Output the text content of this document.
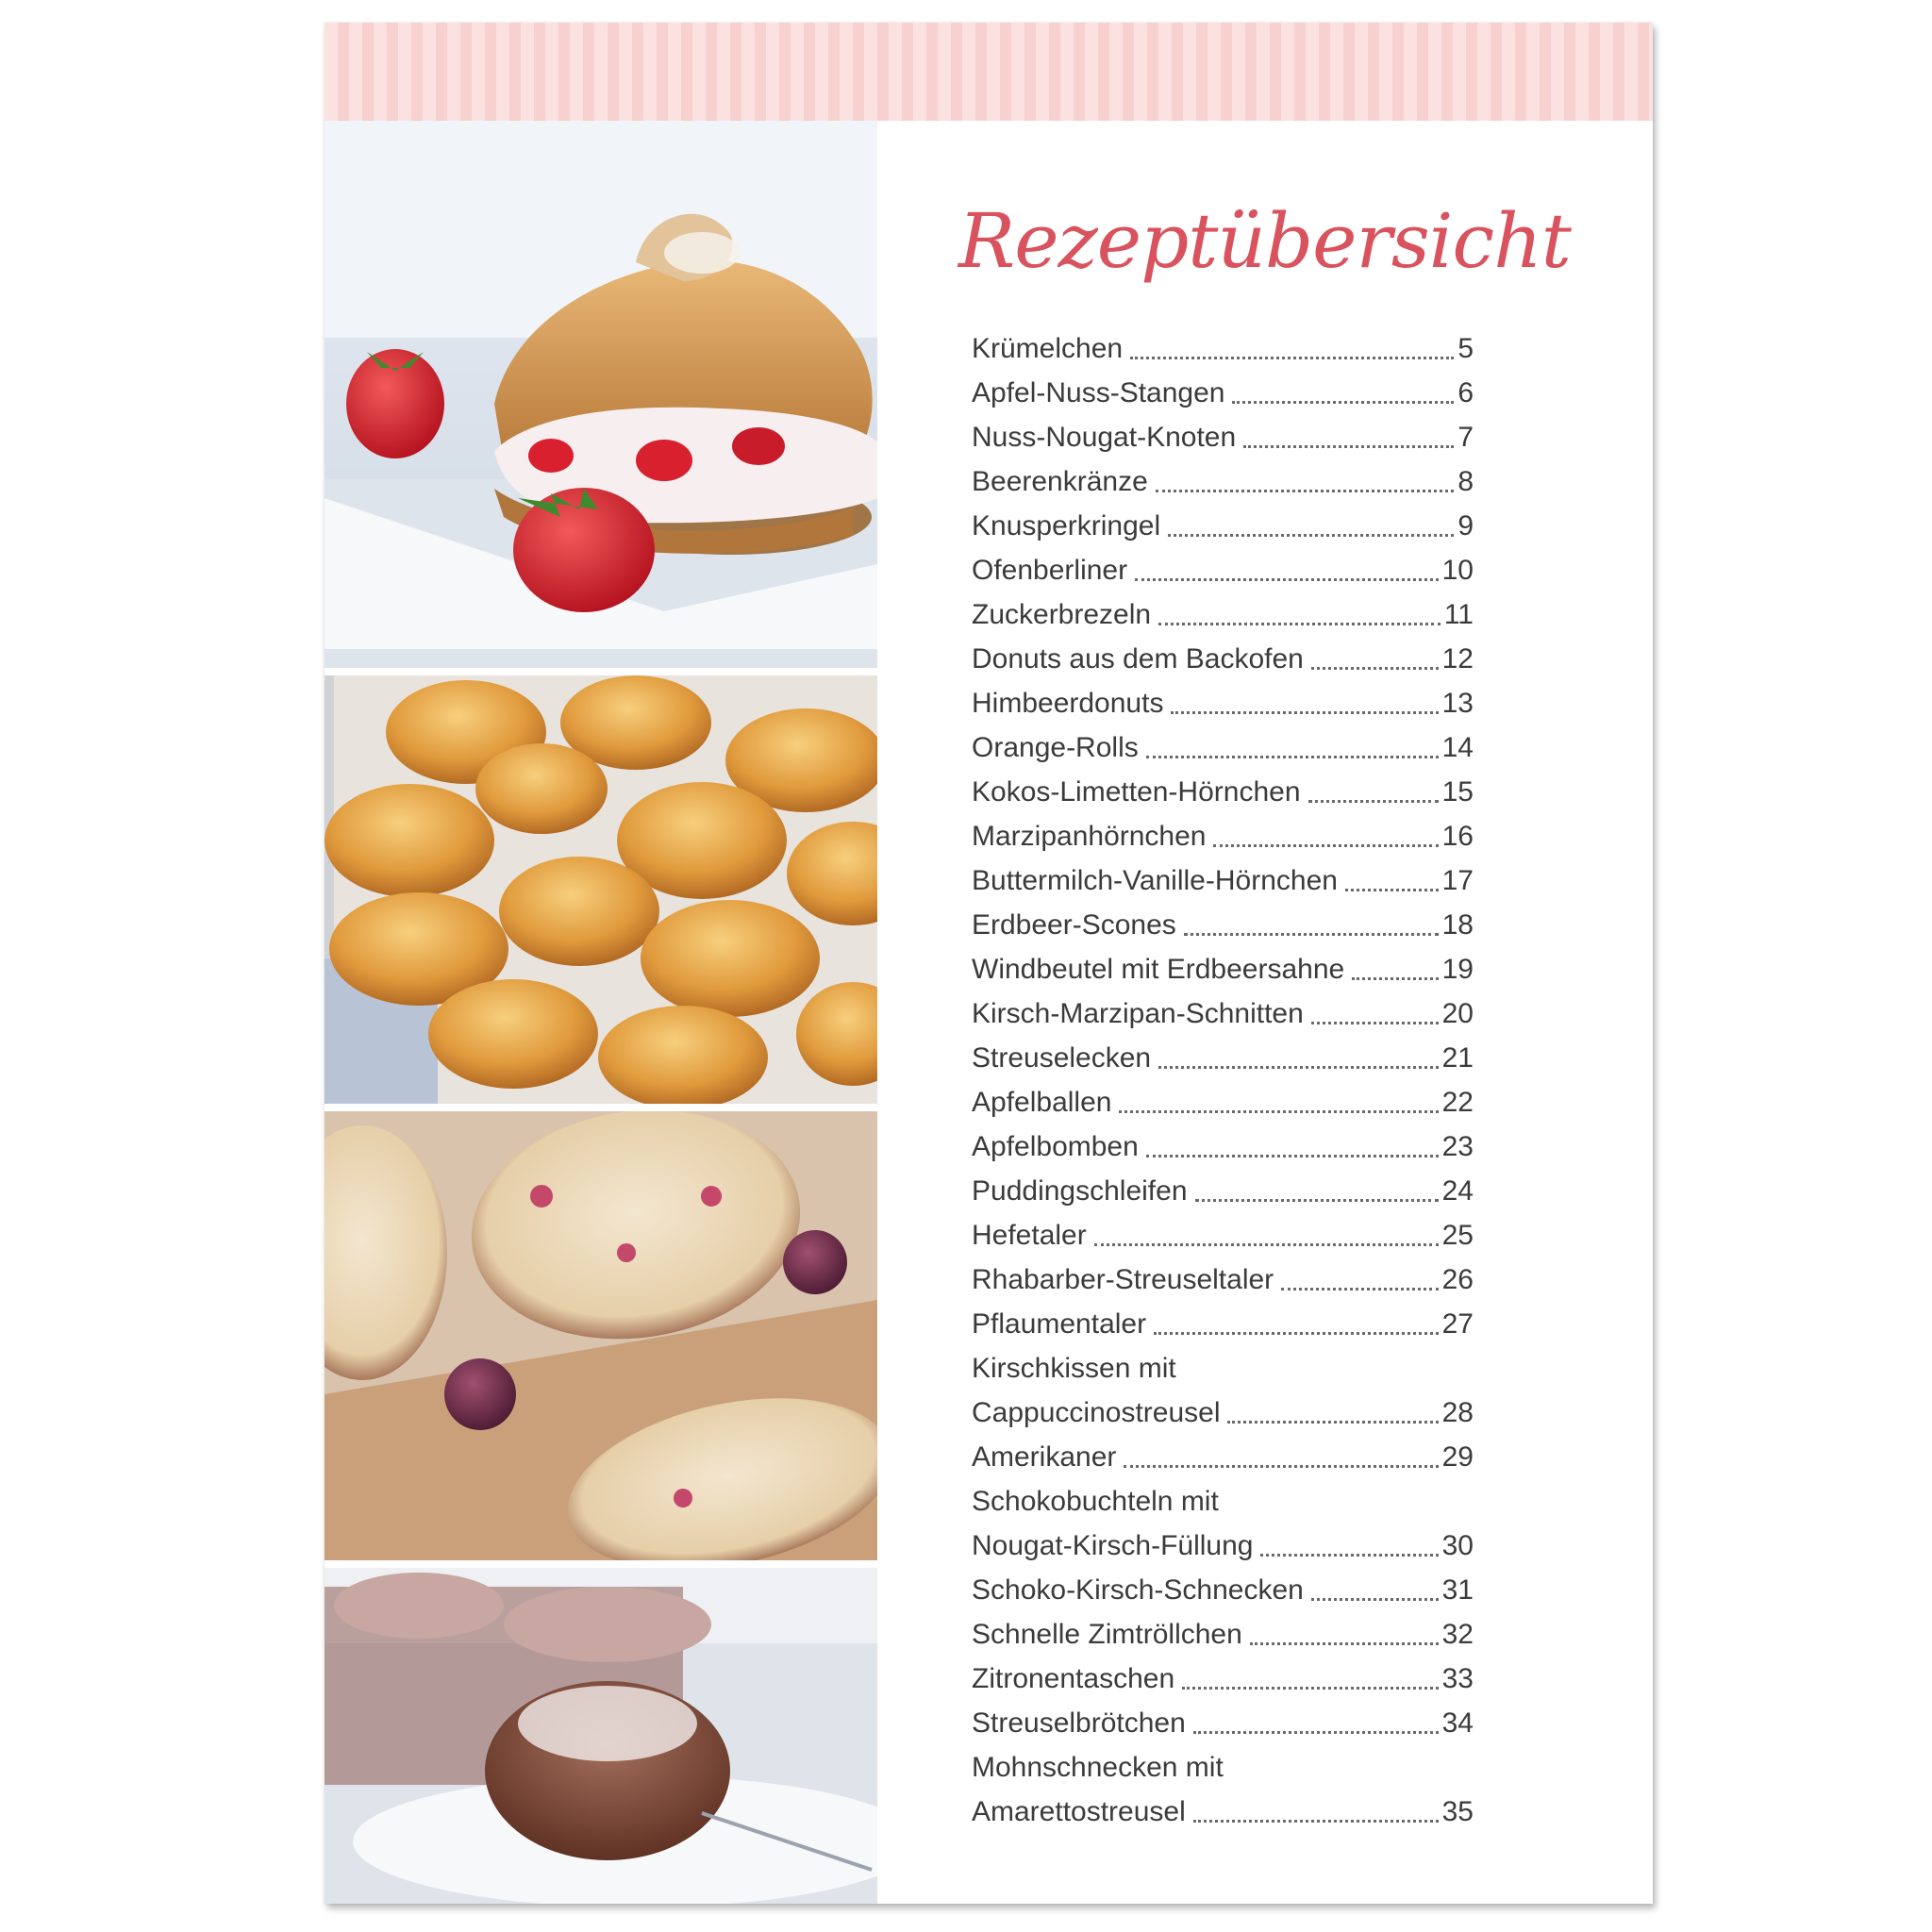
Rezeptübersicht
Krümelchen	5
Apfel-Nuss-Stangen	6
Nuss-Nougat-Knoten	7
Beerenkränze	8
Knusperkringel	9
Ofenberliner	10
Zuckerbrezeln	11
Donuts aus dem Backofen	12
Himbeerdonuts	13
Orange-Rolls	14
Kokos-Limetten-Hörnchen	15
Marzipanhörnchen	16
Buttermilch-Vanille-Hörnchen	17
Erdbeer-Scones	18
Windbeutel mit Erdbeersahne	19
Kirsch-Marzipan-Schnitten	20
Streuselecken	21
Apfelballen	22
Apfelbomben	23
Puddingschleifen	24
Hefetaler	25
Rhabarber-Streuseltaler	26
Pflaumentaler	27
Kirschkissen mit
Cappuccinostreusel	28
Amerikaner	29
Schokobuchteln mit
Nougat-Kirsch-Füllung	30
Schoko-Kirsch-Schnecken	31
Schnelle Zimtröllchen	32
Zitronentaschen	33
Streuselbrötchen	34
Mohnschnecken mit
Amarettostreusel	35
